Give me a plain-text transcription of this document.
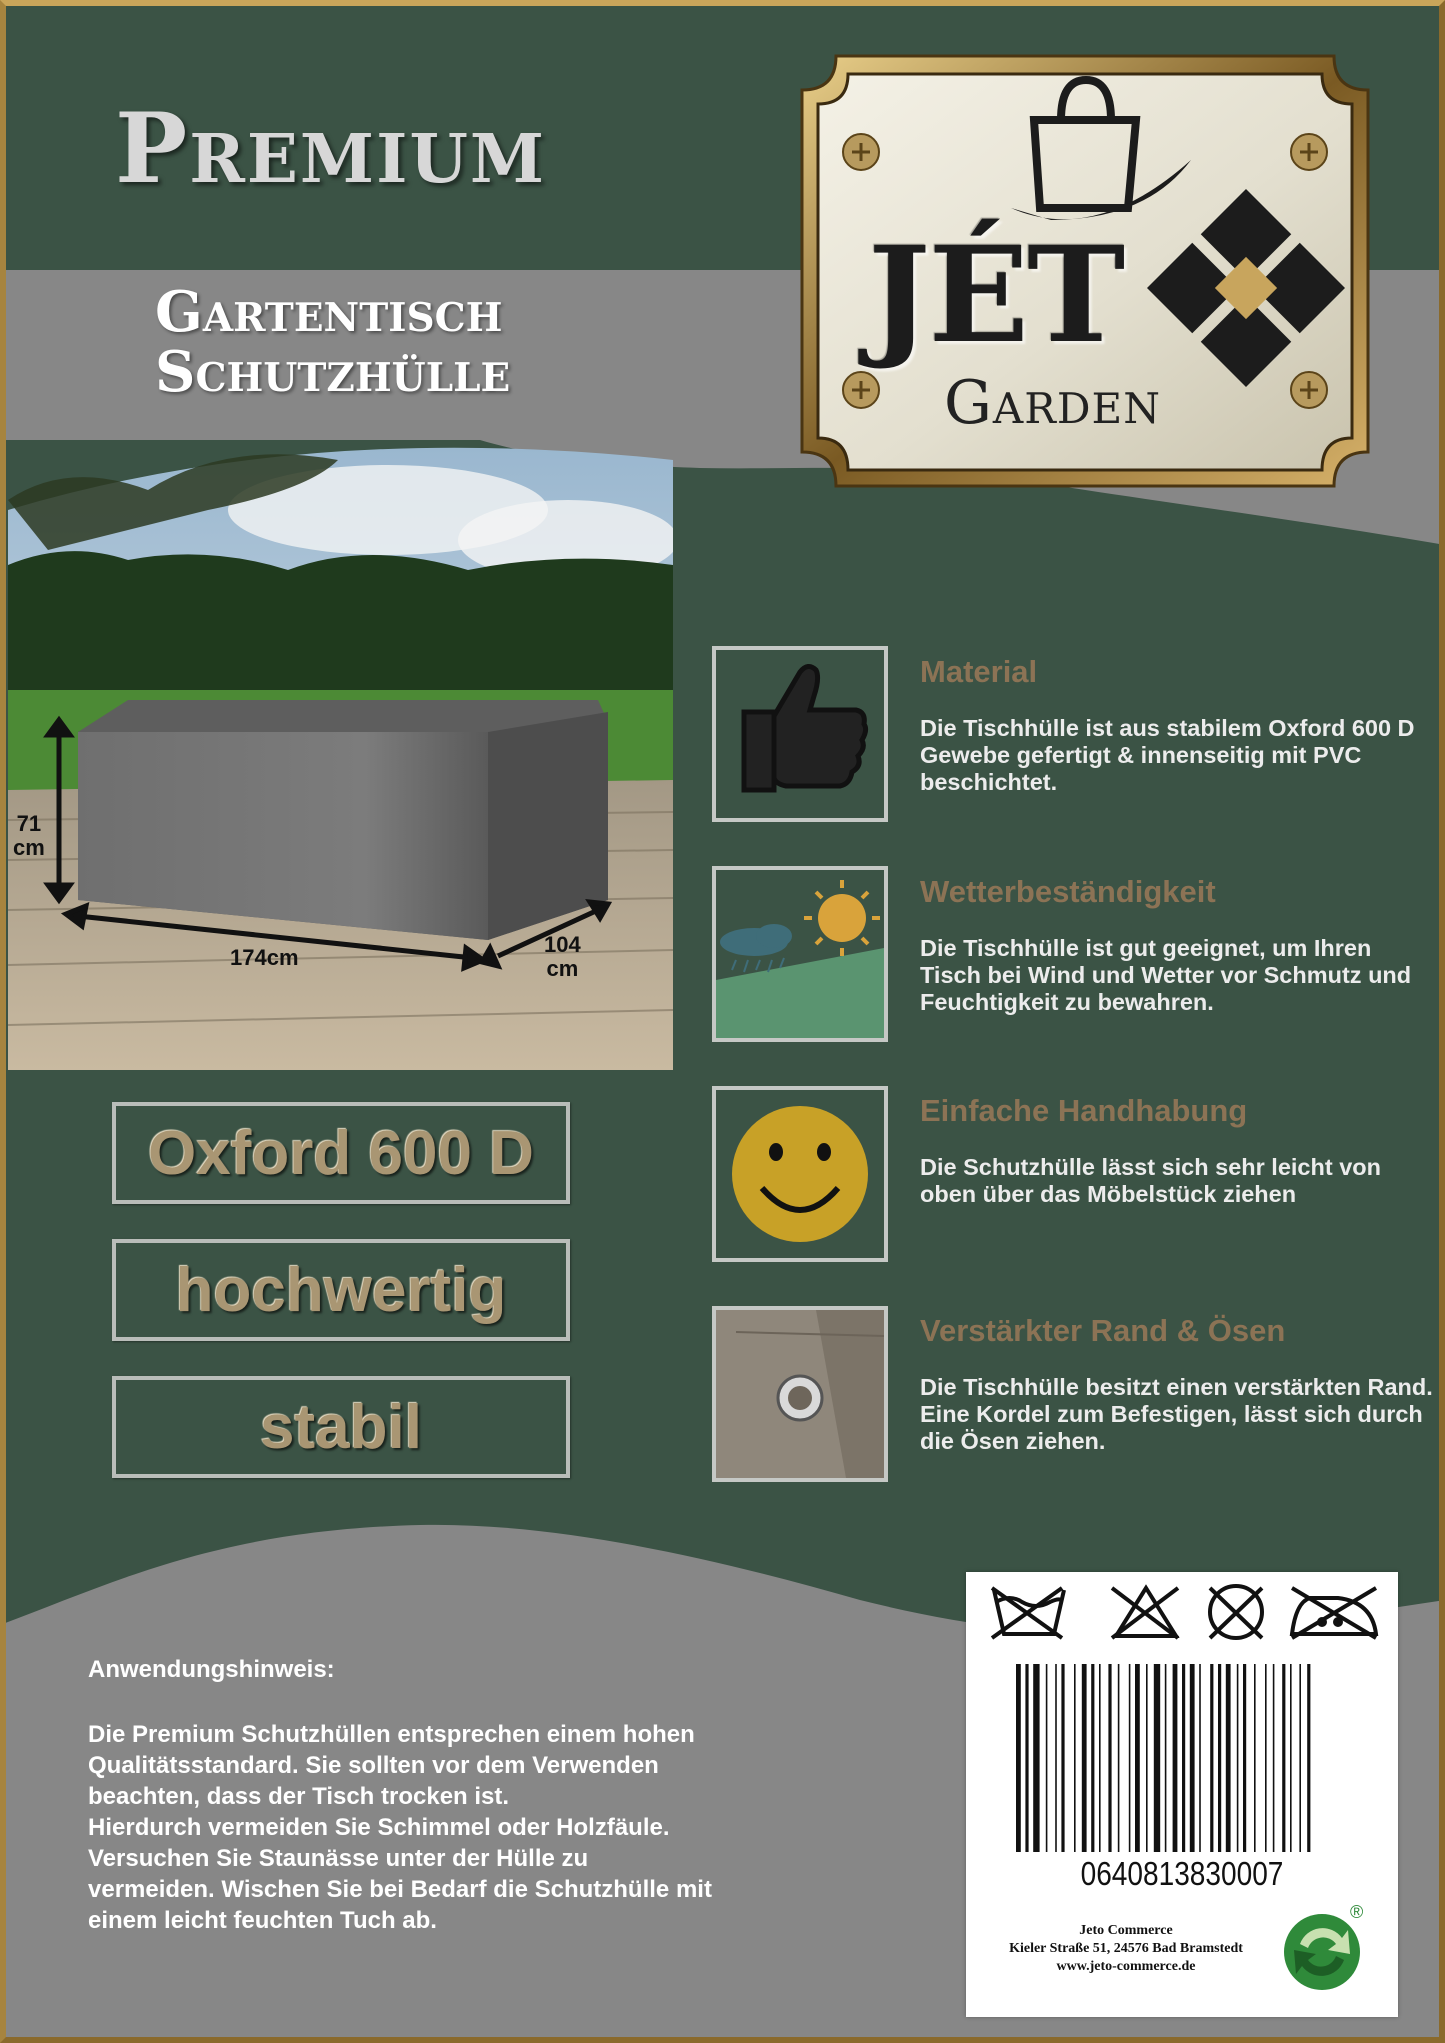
Premium
Gartentisch
Schutzhülle	JÉT
Garden
71
cm
174cm
104
cm
Oxford 600 D
hochwertig
stabil
Material
Die Tischhülle ist aus stabilem Oxford 600 D Gewebe gefertigt & innenseitig mit PVC beschichtet.
Wetterbeständigkeit
Die Tischhülle ist gut geeignet, um Ihren Tisch bei Wind und Wetter vor Schmutz und Feuchtigkeit zu bewahren.
Einfache Handhabung
Die Schutzhülle lässt sich sehr leicht von oben über das Möbelstück ziehen
Verstärkter Rand & Ösen
Die Tischhülle besitzt einen verstärkten Rand. Eine Kordel zum Befestigen, lässt sich durch die Ösen ziehen.
Anwendungshinweis:
Die Premium Schutzhüllen entsprechen einem hohen
Qualitätsstandard. Sie sollten vor dem Verwenden
beachten, dass der Tisch trocken ist.
Hierdurch vermeiden Sie Schimmel oder Holzfäule.
Versuchen Sie Staunässe unter der Hülle zu
vermeiden. Wischen Sie bei Bedarf die Schutzhülle mit
einem leicht feuchten Tuch ab.
0640813830007
Jeto Commerce
Kieler Straße 51, 24576 Bad Bramstedt
www.jeto-commerce.de
®
